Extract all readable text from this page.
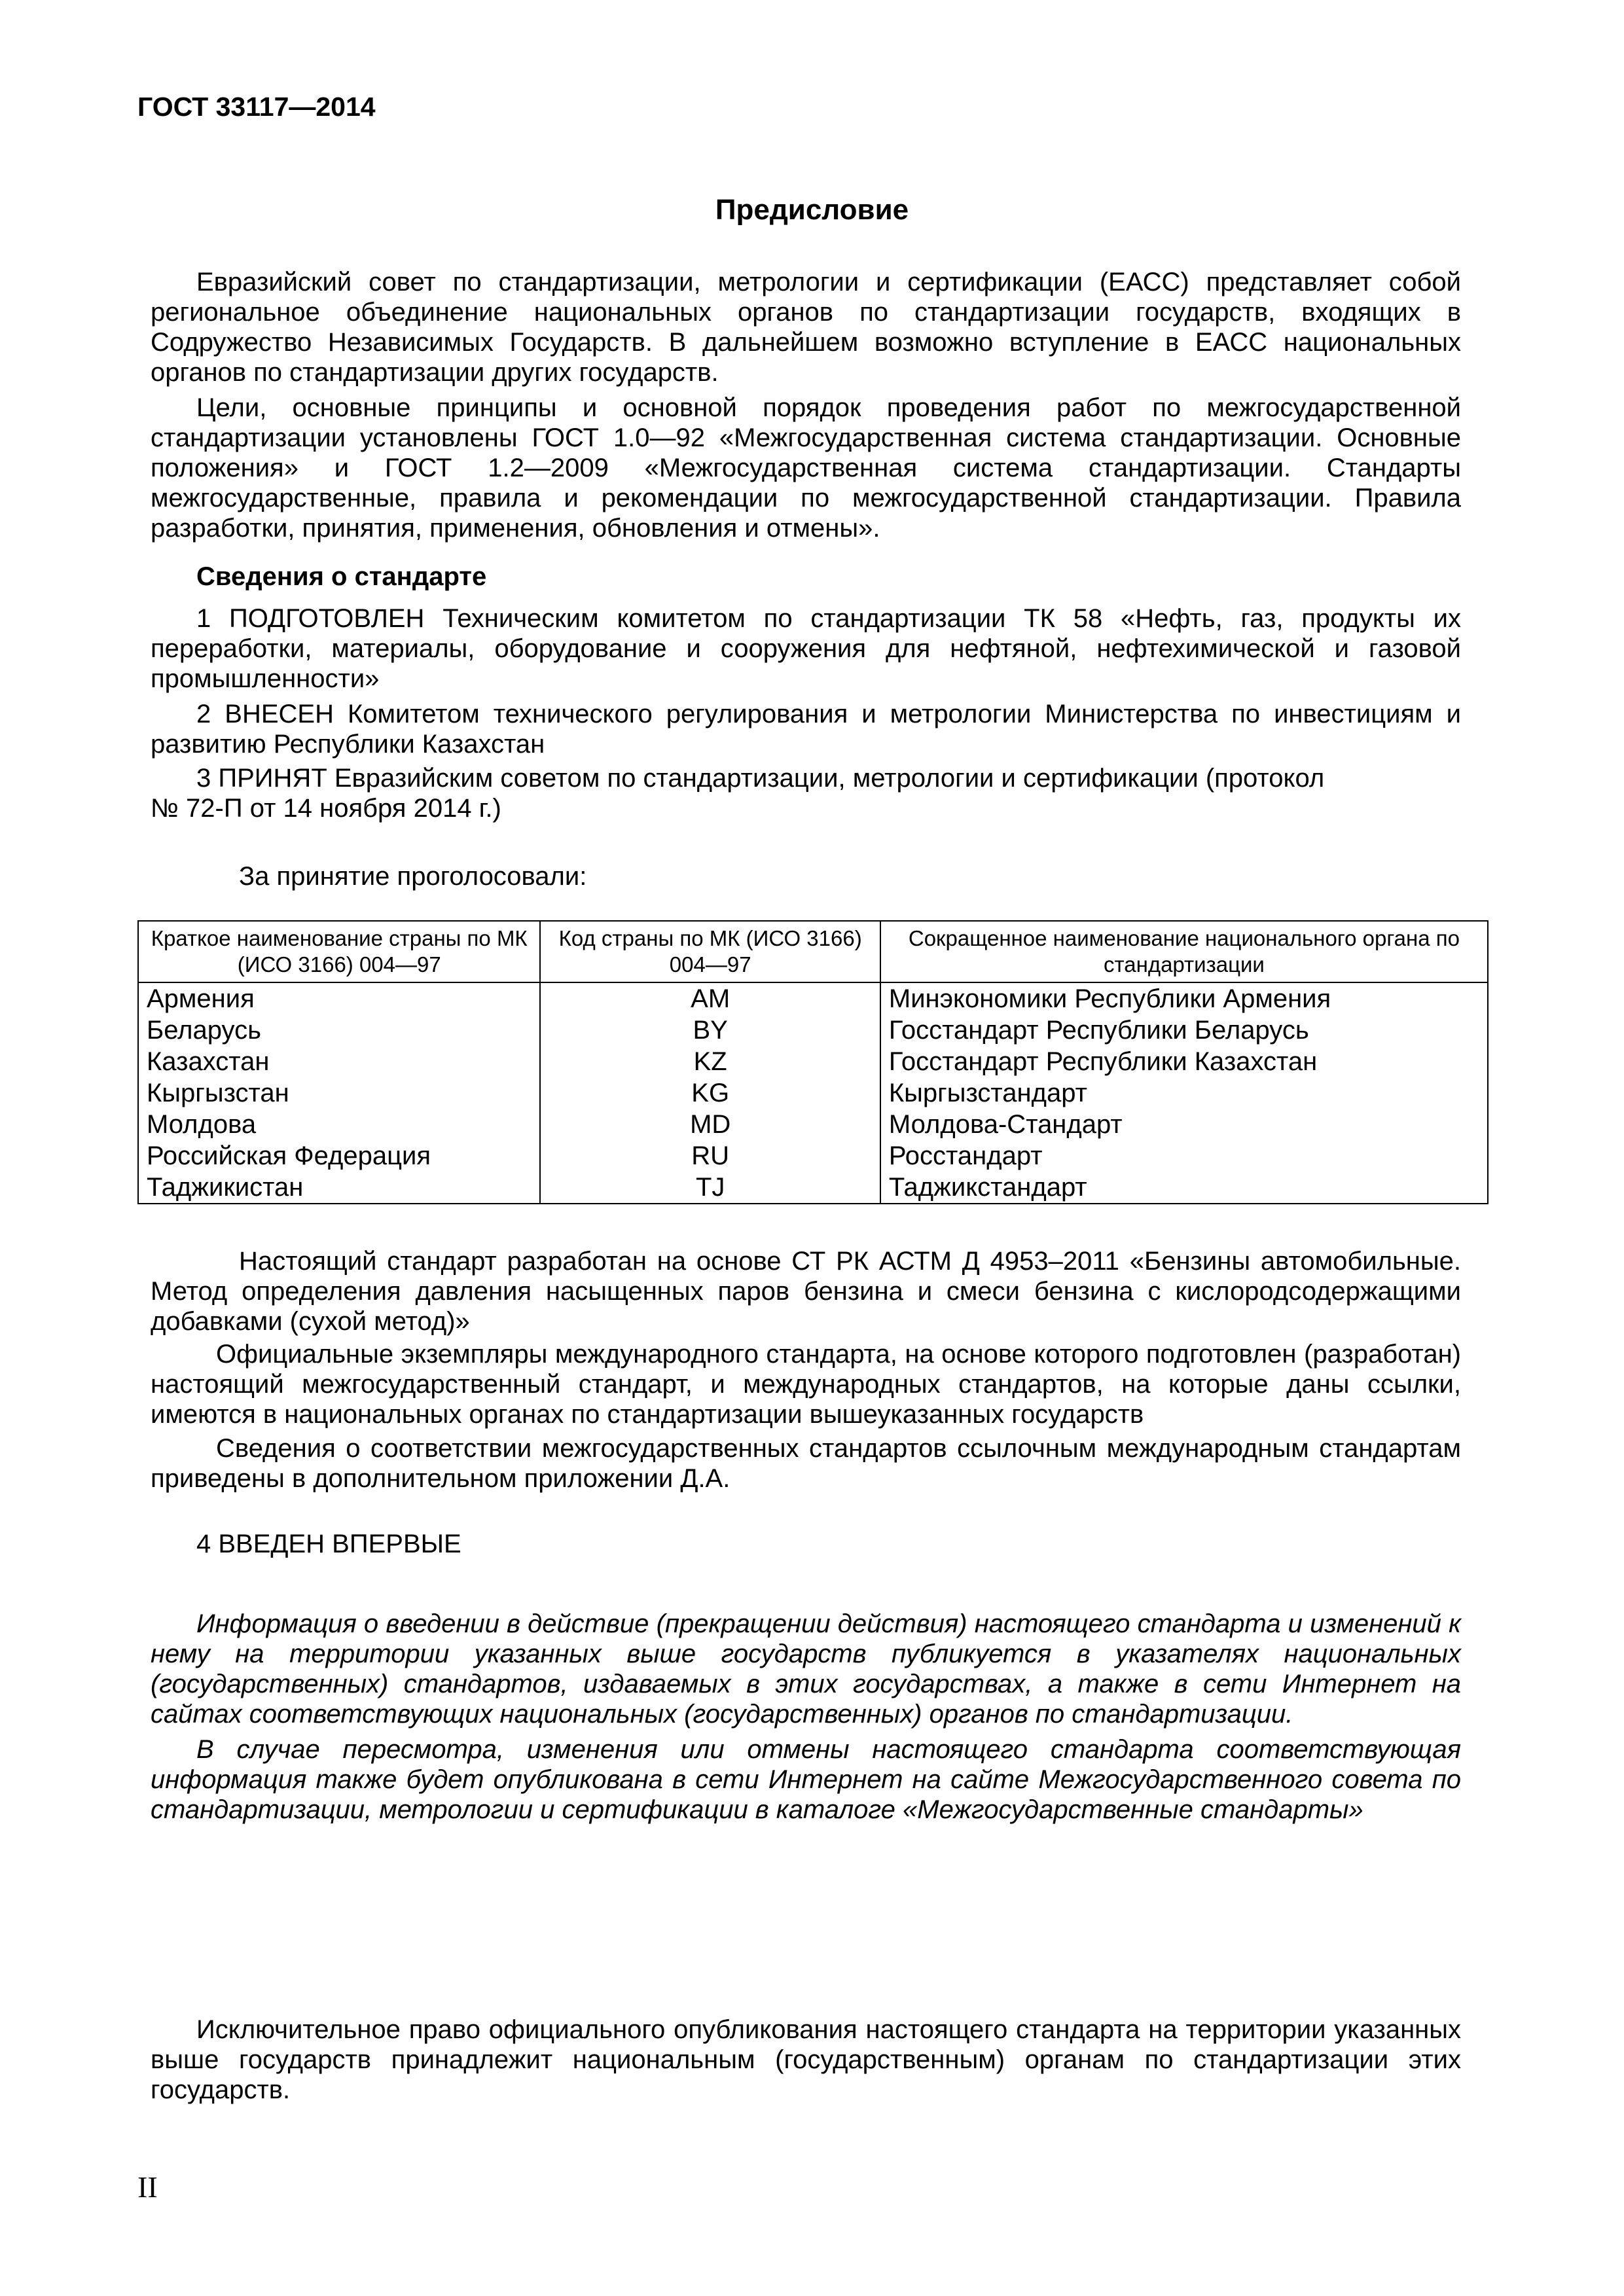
ГОСТ 33117—2014
Предисловие
Евразийский совет по стандартизации, метрологии и сертификации (ЕАСС) представляет собой региональное объединение национальных органов по стандартизации государств, входящих в Содружество Независимых Государств. В дальнейшем возможно вступление в ЕАСС национальных органов по стандартизации других государств.
Цели, основные принципы и основной порядок проведения работ по межгосударственной стандартизации установлены ГОСТ 1.0—92 «Межгосударственная система стандартизации. Основные положения» и ГОСТ 1.2—2009 «Межгосударственная система стандартизации. Стандарты межгосударственные, правила и рекомендации по межгосударственной стандартизации. Правила разработки, принятия, применения, обновления и отмены».
Сведения о стандарте
1 ПОДГОТОВЛЕН Техническим комитетом по стандартизации ТК 58 «Нефть, газ, продукты их переработки, материалы, оборудование и сооружения для нефтяной, нефтехимической и газовой промышленности»
2 ВНЕСЕН Комитетом технического регулирования и метрологии Министерства по инвестициям и развитию Республики Казахстан
3 ПРИНЯТ Евразийским советом по стандартизации, метрологии и сертификации (протокол
№ 72-П от 14 ноября 2014 г.)
За принятие проголосовали:
Краткое наименование страны по МК (ИСО 3166) 004—97	Код страны по МК (ИСО 3166) 004—97	Сокращенное наименование национального органа по стандартизации
Армения	AM	Минэкономики Республики Армения
Беларусь	BY	Госстандарт Республики Беларусь
Казахстан	KZ	Госстандарт Республики Казахстан
Кыргызстан	KG	Кыргызстандарт
Молдова	MD	Молдова-Стандарт
Российская Федерация	RU	Росстандарт
Таджикистан	TJ	Таджикстандарт
Настоящий стандарт разработан на основе СТ РК АСТМ Д 4953–2011 «Бензины автомобильные. Метод определения давления насыщенных паров бензина и смеси бензина с кислородсодержащими добавками (сухой метод)»
Официальные экземпляры международного стандарта, на основе которого подготовлен (разработан) настоящий межгосударственный стандарт, и международных стандартов, на которые даны ссылки, имеются в национальных органах по стандартизации вышеуказанных государств
Сведения о соответствии межгосударственных стандартов ссылочным международным стандартам приведены в дополнительном приложении Д.А.
4 ВВЕДЕН ВПЕРВЫЕ
Информация о введении в действие (прекращении действия) настоящего стандарта и изменений к нему на территории указанных выше государств публикуется в указателях национальных (государственных) стандартов, издаваемых в этих государствах, а также в сети Интернет на сайтах соответствующих национальных (государственных) органов по стандартизации.
В случае пересмотра, изменения или отмены настоящего стандарта соответствующая информация также будет опубликована в сети Интернет на сайте Межгосударственного совета по стандартизации, метрологии и сертификации в каталоге «Межгосударственные стандарты»
Исключительное право официального опубликования настоящего стандарта на территории указанных выше государств принадлежит национальным (государственным) органам по стандартизации этих государств.
II
